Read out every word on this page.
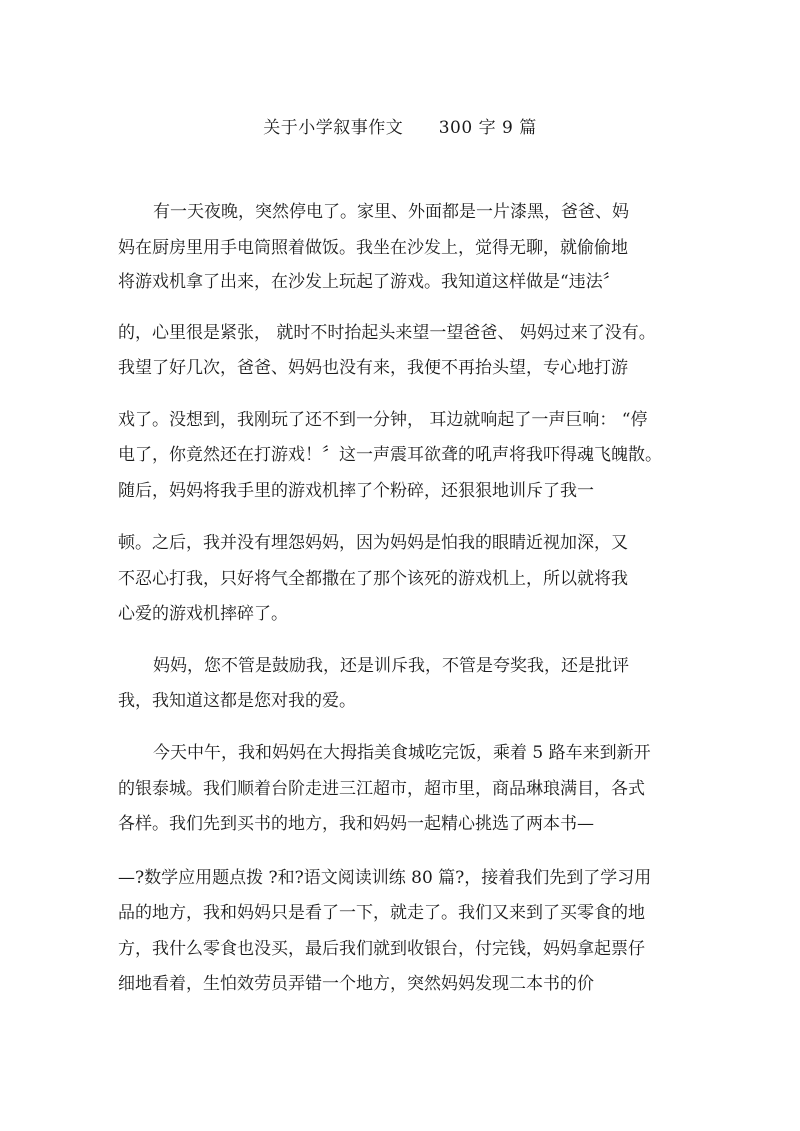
关于小学叙事作文      300 字 9 篇
有一天夜晚，突然停电了。家里、外面都是一片漆黑，爸爸、妈
妈在厨房里用手电筒照着做饭。我坐在沙发上，觉得无聊，就偷偷地
将游戏机拿了出来，在沙发上玩起了游戏。我知道这样做是“违法〞
的，心里很是紧张， 就时不时抬起头来望一望爸爸、 妈妈过来了没有。
我望了好几次，爸爸、妈妈也没有来，我便不再抬头望，专心地打游
戏了。没想到，我刚玩了还不到一分钟， 耳边就响起了一声巨响： “停
电了，你竟然还在打游戏！〞这一声震耳欲聋的吼声将我吓得魂飞魄散。
随后，妈妈将我手里的游戏机摔了个粉碎，还狠狠地训斥了我一
顿。之后，我并没有埋怨妈妈，因为妈妈是怕我的眼睛近视加深，又
不忍心打我，只好将气全都撒在了那个该死的游戏机上，所以就将我
心爱的游戏机摔碎了。
妈妈，您不管是鼓励我，还是训斥我，不管是夸奖我，还是批评
我，我知道这都是您对我的爱。
今天中午，我和妈妈在大拇指美食城吃完饭，乘着 5 路车来到新开
的银泰城。我们顺着台阶走进三江超市，超市里，商品琳琅满目，各式
各样。我们先到买书的地方，我和妈妈一起精心挑选了两本书—
—?数学应用题点拨 ?和?语文阅读训练 80 篇?，接着我们先到了学习用
品的地方，我和妈妈只是看了一下，就走了。我们又来到了买零食的地
方，我什么零食也没买，最后我们就到收银台，付完钱，妈妈拿起票仔
细地看着，生怕效劳员弄错一个地方，突然妈妈发现二本书的价
